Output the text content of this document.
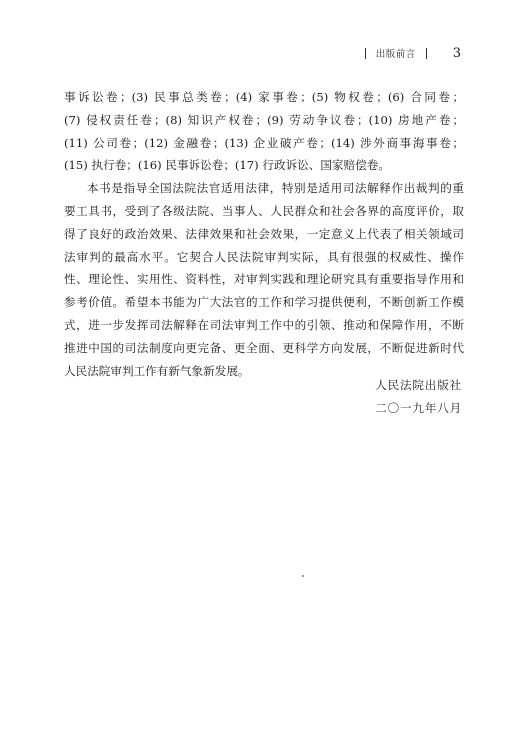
出版前言	3

事诉讼卷；(3) 民事总类卷；(4) 家事卷；(5) 物权卷；(6) 合同卷；
(7) 侵权责任卷；(8) 知识产权卷；(9) 劳动争议卷；(10) 房地产卷；
(11) 公司卷；(12) 金融卷；(13) 企业破产卷；(14) 涉外商事海事卷；
(15) 执行卷；(16) 民事诉讼卷；(17) 行政诉讼、国家赔偿卷。

本书是指导全国法院法官适用法律，特别是适用司法解释作出裁判的重
要工具书，受到了各级法院、当事人、人民群众和社会各界的高度评价，取
得了良好的政治效果、法律效果和社会效果，一定意义上代表了相关领域司
法审判的最高水平。它契合人民法院审判实际，具有很强的权威性、操作
性、理论性、实用性、资料性，对审判实践和理论研究具有重要指导作用和
参考价值。希望本书能为广大法官的工作和学习提供便利，不断创新工作模
式，进一步发挥司法解释在司法审判工作中的引领、推动和保障作用，不断
推进中国的司法制度向更完备、更全面、更科学方向发展，不断促进新时代
人民法院审判工作有新气象新发展。

人民法院出版社
二〇一九年八月
